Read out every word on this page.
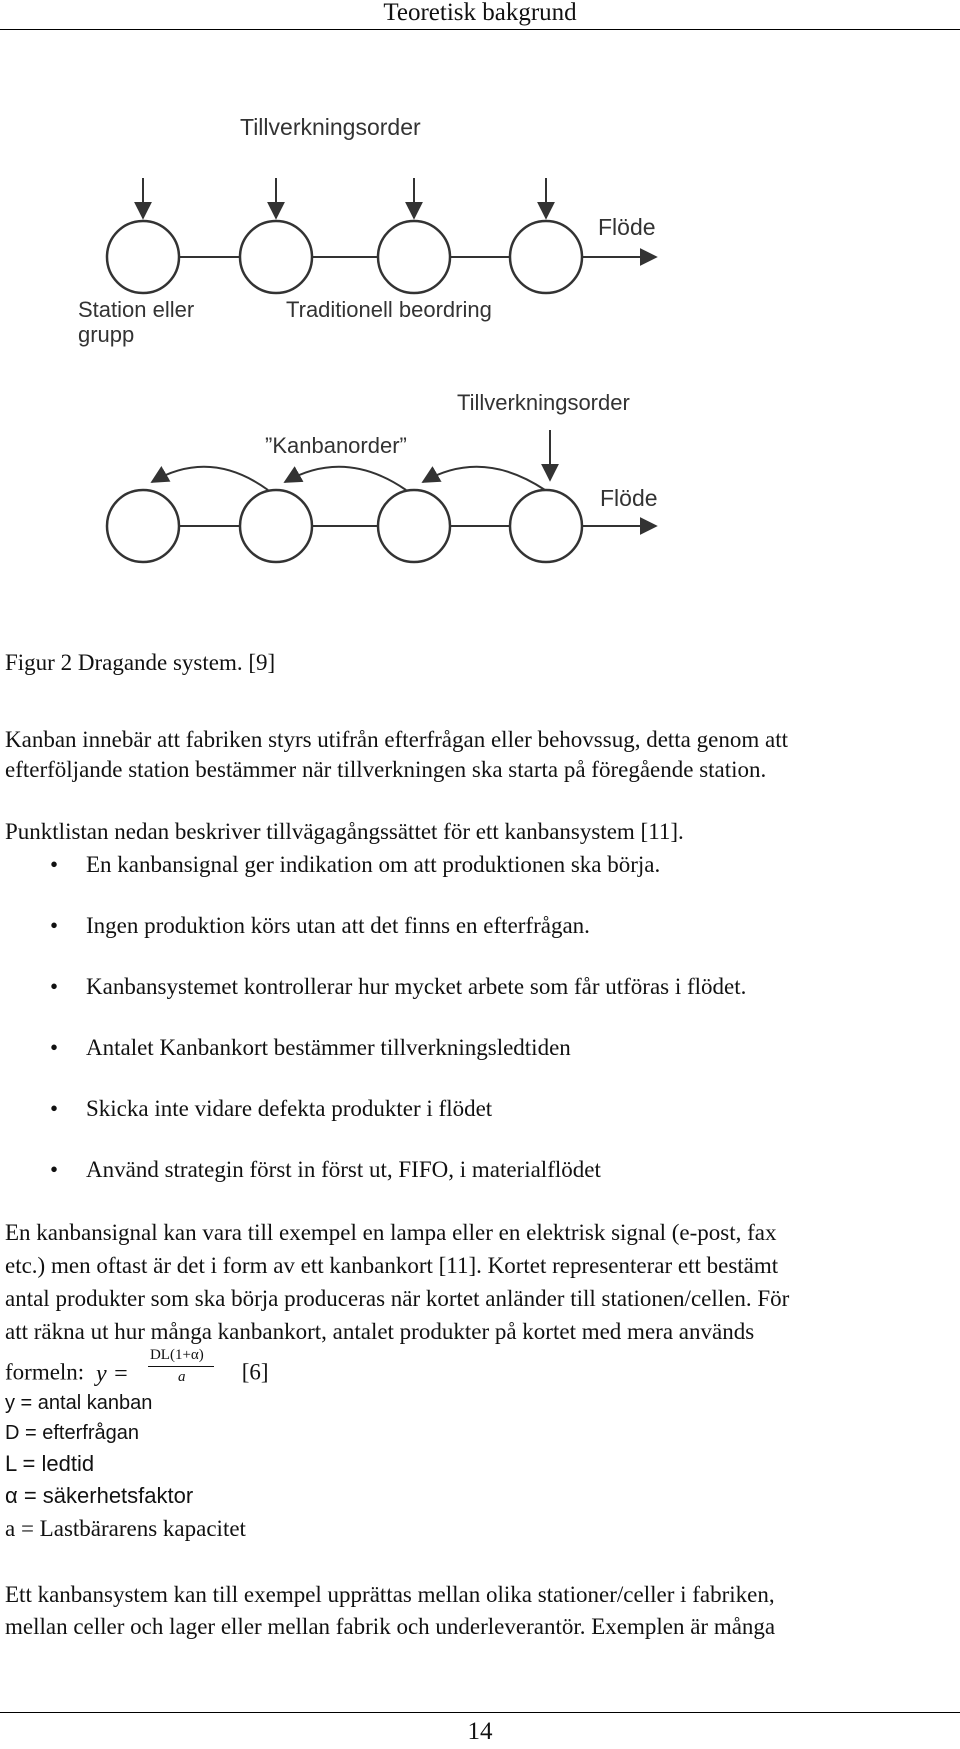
Teoretisk bakgrund
Tillverkningsorder
Flöde
Station eller
grupp
Traditionell beordring
Tillverkningsorder
”Kanbanorder”
Flöde
Figur 2 Dragande system. [9]
Kanban innebär att fabriken styrs utifrån efterfrågan eller behovssug, detta genom att
efterföljande station bestämmer när tillverkningen ska starta på föregående station.
Punktlistan nedan beskriver tillvägagångssättet för ett kanbansystem [11].
•	En kanbansignal ger indikation om att produktionen ska börja.
•	Ingen produktion körs utan att det finns en efterfrågan.
•	Kanbansystemet kontrollerar hur mycket arbete som får utföras i flödet.
•	Antalet Kanbankort bestämmer tillverkningsledtiden
•	Skicka inte vidare defekta produkter i flödet
•	Använd strategin först in först ut, FIFO, i materialflödet
En kanbansignal kan vara till exempel en lampa eller en elektrisk signal (e-post, fax
etc.) men oftast är det i form av ett kanbankort [11]. Kortet representerar ett bestämt
antal produkter som ska börja produceras när kortet anländer till stationen/cellen. För
att räkna ut hur många kanbankort, antalet produkter på kortet med mera används
formeln: y =
DL(1+α)
a [6]
y = antal kanban
D = efterfrågan
L = ledtid
α = säkerhetsfaktor
a = Lastbärarens kapacitet
Ett kanbansystem kan till exempel upprättas mellan olika stationer/celler i fabriken,
mellan celler och lager eller mellan fabrik och underleverantör. Exemplen är många
14
